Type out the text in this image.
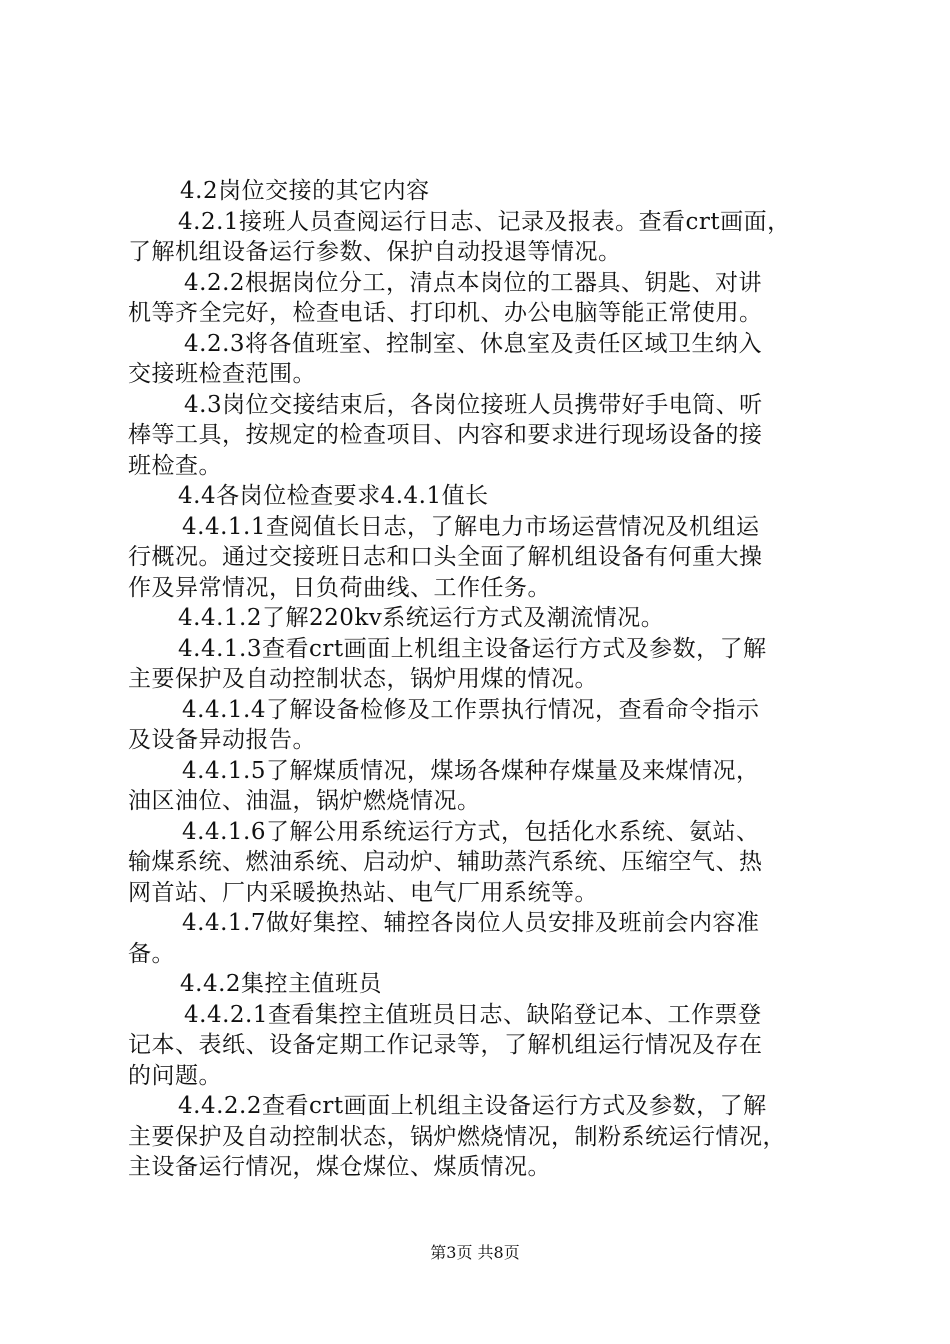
4.2岗位交接的其它内容
4.2.1接班人员查阅运行日志、记录及报表。查看crt画面，
了解机组设备运行参数、保护自动投退等情况。
4.2.2根据岗位分工，清点本岗位的工器具、钥匙、对讲
机等齐全完好，检查电话、打印机、办公电脑等能正常使用。
4.2.3将各值班室、控制室、休息室及责任区域卫生纳入
交接班检查范围。
4.3岗位交接结束后，各岗位接班人员携带好手电筒、听
棒等工具，按规定的检查项目、内容和要求进行现场设备的接
班检查。
4.4各岗位检查要求4.4.1值长
4.4.1.1查阅值长日志，了解电力市场运营情况及机组运
行概况。通过交接班日志和口头全面了解机组设备有何重大操
作及异常情况，日负荷曲线、工作任务。
4.4.1.2了解220kv系统运行方式及潮流情况。
4.4.1.3查看crt画面上机组主设备运行方式及参数，了解
主要保护及自动控制状态，锅炉用煤的情况。
4.4.1.4了解设备检修及工作票执行情况，查看命令指示
及设备异动报告。
4.4.1.5了解煤质情况，煤场各煤种存煤量及来煤情况，
油区油位、油温，锅炉燃烧情况。
4.4.1.6了解公用系统运行方式，包括化水系统、氨站、
输煤系统、燃油系统、启动炉、辅助蒸汽系统、压缩空气、热
网首站、厂内采暖换热站、电气厂用系统等。
4.4.1.7做好集控、辅控各岗位人员安排及班前会内容准
备。
4.4.2集控主值班员
4.4.2.1查看集控主值班员日志、缺陷登记本、工作票登
记本、表纸、设备定期工作记录等，了解机组运行情况及存在
的问题。
4.4.2.2查看crt画面上机组主设备运行方式及参数，了解
主要保护及自动控制状态，锅炉燃烧情况，制粉系统运行情况，
主设备运行情况，煤仓煤位、煤质情况。
第3页 共8页
